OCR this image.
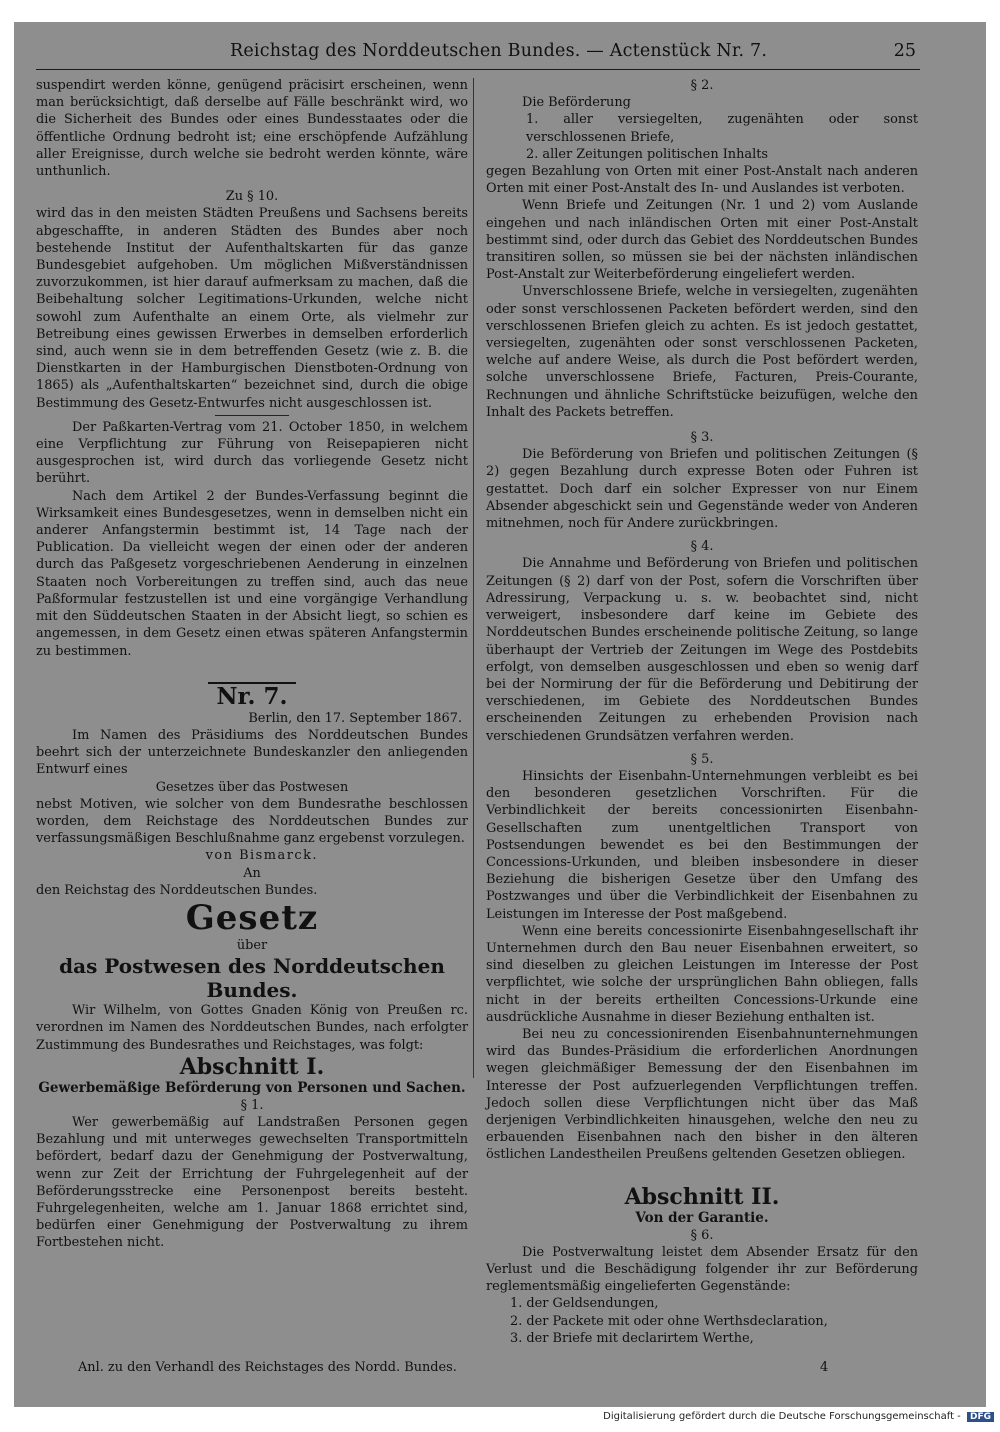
Reichstag des Norddeutschen Bundes. — Actenstück Nr. 7.	25

suspendirt werden könne, genügend präcisirt erscheinen, wenn man berücksichtigt, daß derselbe auf Fälle beschränkt wird, wo die Sicherheit des Bundes oder eines Bundesstaates oder die öffentliche Ordnung bedroht ist; eine erschöpfende Aufzählung aller Ereignisse, durch welche sie bedroht werden könnte, wäre unthunlich.

Zu § 10.

wird das in den meisten Städten Preußens und Sachsens bereits abgeschaffte, in anderen Städten des Bundes aber noch bestehende Institut der Aufenthaltskarten für das ganze Bundesgebiet aufgehoben. Um möglichen Mißverständnissen zuvorzukommen, ist hier darauf aufmerksam zu machen, daß die Beibehaltung solcher Legitimations-Urkunden, welche nicht sowohl zum Aufenthalte an einem Orte, als vielmehr zur Betreibung eines gewissen Erwerbes in demselben erforderlich sind, auch wenn sie in dem betreffenden Gesetz (wie z. B. die Dienstkarten in der Hamburgischen Dienstboten-Ordnung von 1865) als „Aufenthaltskarten“ bezeichnet sind, durch die obige Bestimmung des Gesetz-Entwurfes nicht ausgeschlossen ist.

Der Paßkarten-Vertrag vom 21. October 1850, in welchem eine Verpflichtung zur Führung von Reisepapieren nicht ausgesprochen ist, wird durch das vorliegende Gesetz nicht berührt.

Nach dem Artikel 2 der Bundes-Verfassung beginnt die Wirksamkeit eines Bundesgesetzes, wenn in demselben nicht ein anderer Anfangstermin bestimmt ist, 14 Tage nach der Publication. Da vielleicht wegen der einen oder der anderen durch das Paßgesetz vorgeschriebenen Aenderung in einzelnen Staaten noch Vorbereitungen zu treffen sind, auch das neue Paßformular festzustellen ist und eine vorgängige Verhandlung mit den Süddeutschen Staaten in der Absicht liegt, so schien es angemessen, in dem Gesetz einen etwas späteren Anfangstermin zu bestimmen.

Nr. 7.

Berlin, den 17. September 1867.

Im Namen des Präsidiums des Norddeutschen Bundes beehrt sich der unterzeichnete Bundeskanzler den anliegenden Entwurf eines

Gesetzes über das Postwesen

nebst Motiven, wie solcher von dem Bundesrathe beschlossen worden, dem Reichstage des Norddeutschen Bundes zur verfassungsmäßigen Beschlußnahme ganz ergebenst vorzulegen.

von Bismarck.

An

den Reichstag des Norddeutschen Bundes.

Gesetz

über

das Postwesen des Norddeutschen Bundes.

Wir Wilhelm, von Gottes Gnaden König von Preußen rc. verordnen im Namen des Norddeutschen Bundes, nach erfolgter Zustimmung des Bundesrathes und Reichstages, was folgt:

Abschnitt I.

Gewerbemäßige Beförderung von Personen und Sachen.

§ 1.

Wer gewerbemäßig auf Landstraßen Personen gegen Bezahlung und mit unterweges gewechselten Transportmitteln befördert, bedarf dazu der Genehmigung der Postverwaltung, wenn zur Zeit der Errichtung der Fuhrgelegenheit auf der Beförderungsstrecke eine Personenpost bereits besteht. Fuhrgelegenheiten, welche am 1. Januar 1868 errichtet sind, bedürfen einer Genehmigung der Postverwaltung zu ihrem Fortbestehen nicht.

§ 2.

Die Beförderung

1. aller versiegelten, zugenähten oder sonst verschlossenen Briefe,

2. aller Zeitungen politischen Inhalts

gegen Bezahlung von Orten mit einer Post-Anstalt nach anderen Orten mit einer Post-Anstalt des In- und Auslandes ist verboten.

Wenn Briefe und Zeitungen (Nr. 1 und 2) vom Auslande eingehen und nach inländischen Orten mit einer Post-Anstalt bestimmt sind, oder durch das Gebiet des Norddeutschen Bundes transitiren sollen, so müssen sie bei der nächsten inländischen Post-Anstalt zur Weiterbeförderung eingeliefert werden.

Unverschlossene Briefe, welche in versiegelten, zugenähten oder sonst verschlossenen Packeten befördert werden, sind den verschlossenen Briefen gleich zu achten. Es ist jedoch gestattet, versiegelten, zugenähten oder sonst verschlossenen Packeten, welche auf andere Weise, als durch die Post befördert werden, solche unverschlossene Briefe, Facturen, Preis-Courante, Rechnungen und ähnliche Schriftstücke beizufügen, welche den Inhalt des Packets betreffen.

§ 3.

Die Beförderung von Briefen und politischen Zeitungen (§ 2) gegen Bezahlung durch expresse Boten oder Fuhren ist gestattet. Doch darf ein solcher Expresser von nur Einem Absender abgeschickt sein und Gegenstände weder von Anderen mitnehmen, noch für Andere zurückbringen.

§ 4.

Die Annahme und Beförderung von Briefen und politischen Zeitungen (§ 2) darf von der Post, sofern die Vorschriften über Adressirung, Verpackung u. s. w. beobachtet sind, nicht verweigert, insbesondere darf keine im Gebiete des Norddeutschen Bundes erscheinende politische Zeitung, so lange überhaupt der Vertrieb der Zeitungen im Wege des Postdebits erfolgt, von demselben ausgeschlossen und eben so wenig darf bei der Normirung der für die Beförderung und Debitirung der verschiedenen, im Gebiete des Norddeutschen Bundes erscheinenden Zeitungen zu erhebenden Provision nach verschiedenen Grundsätzen verfahren werden.

§ 5.

Hinsichts der Eisenbahn-Unternehmungen verbleibt es bei den besonderen gesetzlichen Vorschriften. Für die Verbindlichkeit der bereits concessionirten Eisenbahn-Gesellschaften zum unentgeltlichen Transport von Postsendungen bewendet es bei den Bestimmungen der Concessions-Urkunden, und bleiben insbesondere in dieser Beziehung die bisherigen Gesetze über den Umfang des Postzwanges und über die Verbindlichkeit der Eisenbahnen zu Leistungen im Interesse der Post maßgebend.

Wenn eine bereits concessionirte Eisenbahngesellschaft ihr Unternehmen durch den Bau neuer Eisenbahnen erweitert, so sind dieselben zu gleichen Leistungen im Interesse der Post verpflichtet, wie solche der ursprünglichen Bahn obliegen, falls nicht in der bereits ertheilten Concessions-Urkunde eine ausdrückliche Ausnahme in dieser Beziehung enthalten ist.

Bei neu zu concessionirenden Eisenbahnunternehmungen wird das Bundes-Präsidium die erforderlichen Anordnungen wegen gleichmäßiger Bemessung der den Eisenbahnen im Interesse der Post aufzuerlegenden Verpflichtungen treffen. Jedoch sollen diese Verpflichtungen nicht über das Maß derjenigen Verbindlichkeiten hinausgehen, welche den neu zu erbauenden Eisenbahnen nach den bisher in den älteren östlichen Landestheilen Preußens geltenden Gesetzen obliegen.

Abschnitt II.

Von der Garantie.

§ 6.

Die Postverwaltung leistet dem Absender Ersatz für den Verlust und die Beschädigung folgender ihr zur Beförderung reglementsmäßig eingelieferten Gegenstände:

1. der Geldsendungen,

2. der Packete mit oder ohne Werthsdeclaration,

3. der Briefe mit declarirtem Werthe,

Anl. zu den Verhandl des Reichstages des Nordd. Bundes.	4
Digitalisierung gefördert durch die Deutsche Forschungsgemeinschaft - DFG
